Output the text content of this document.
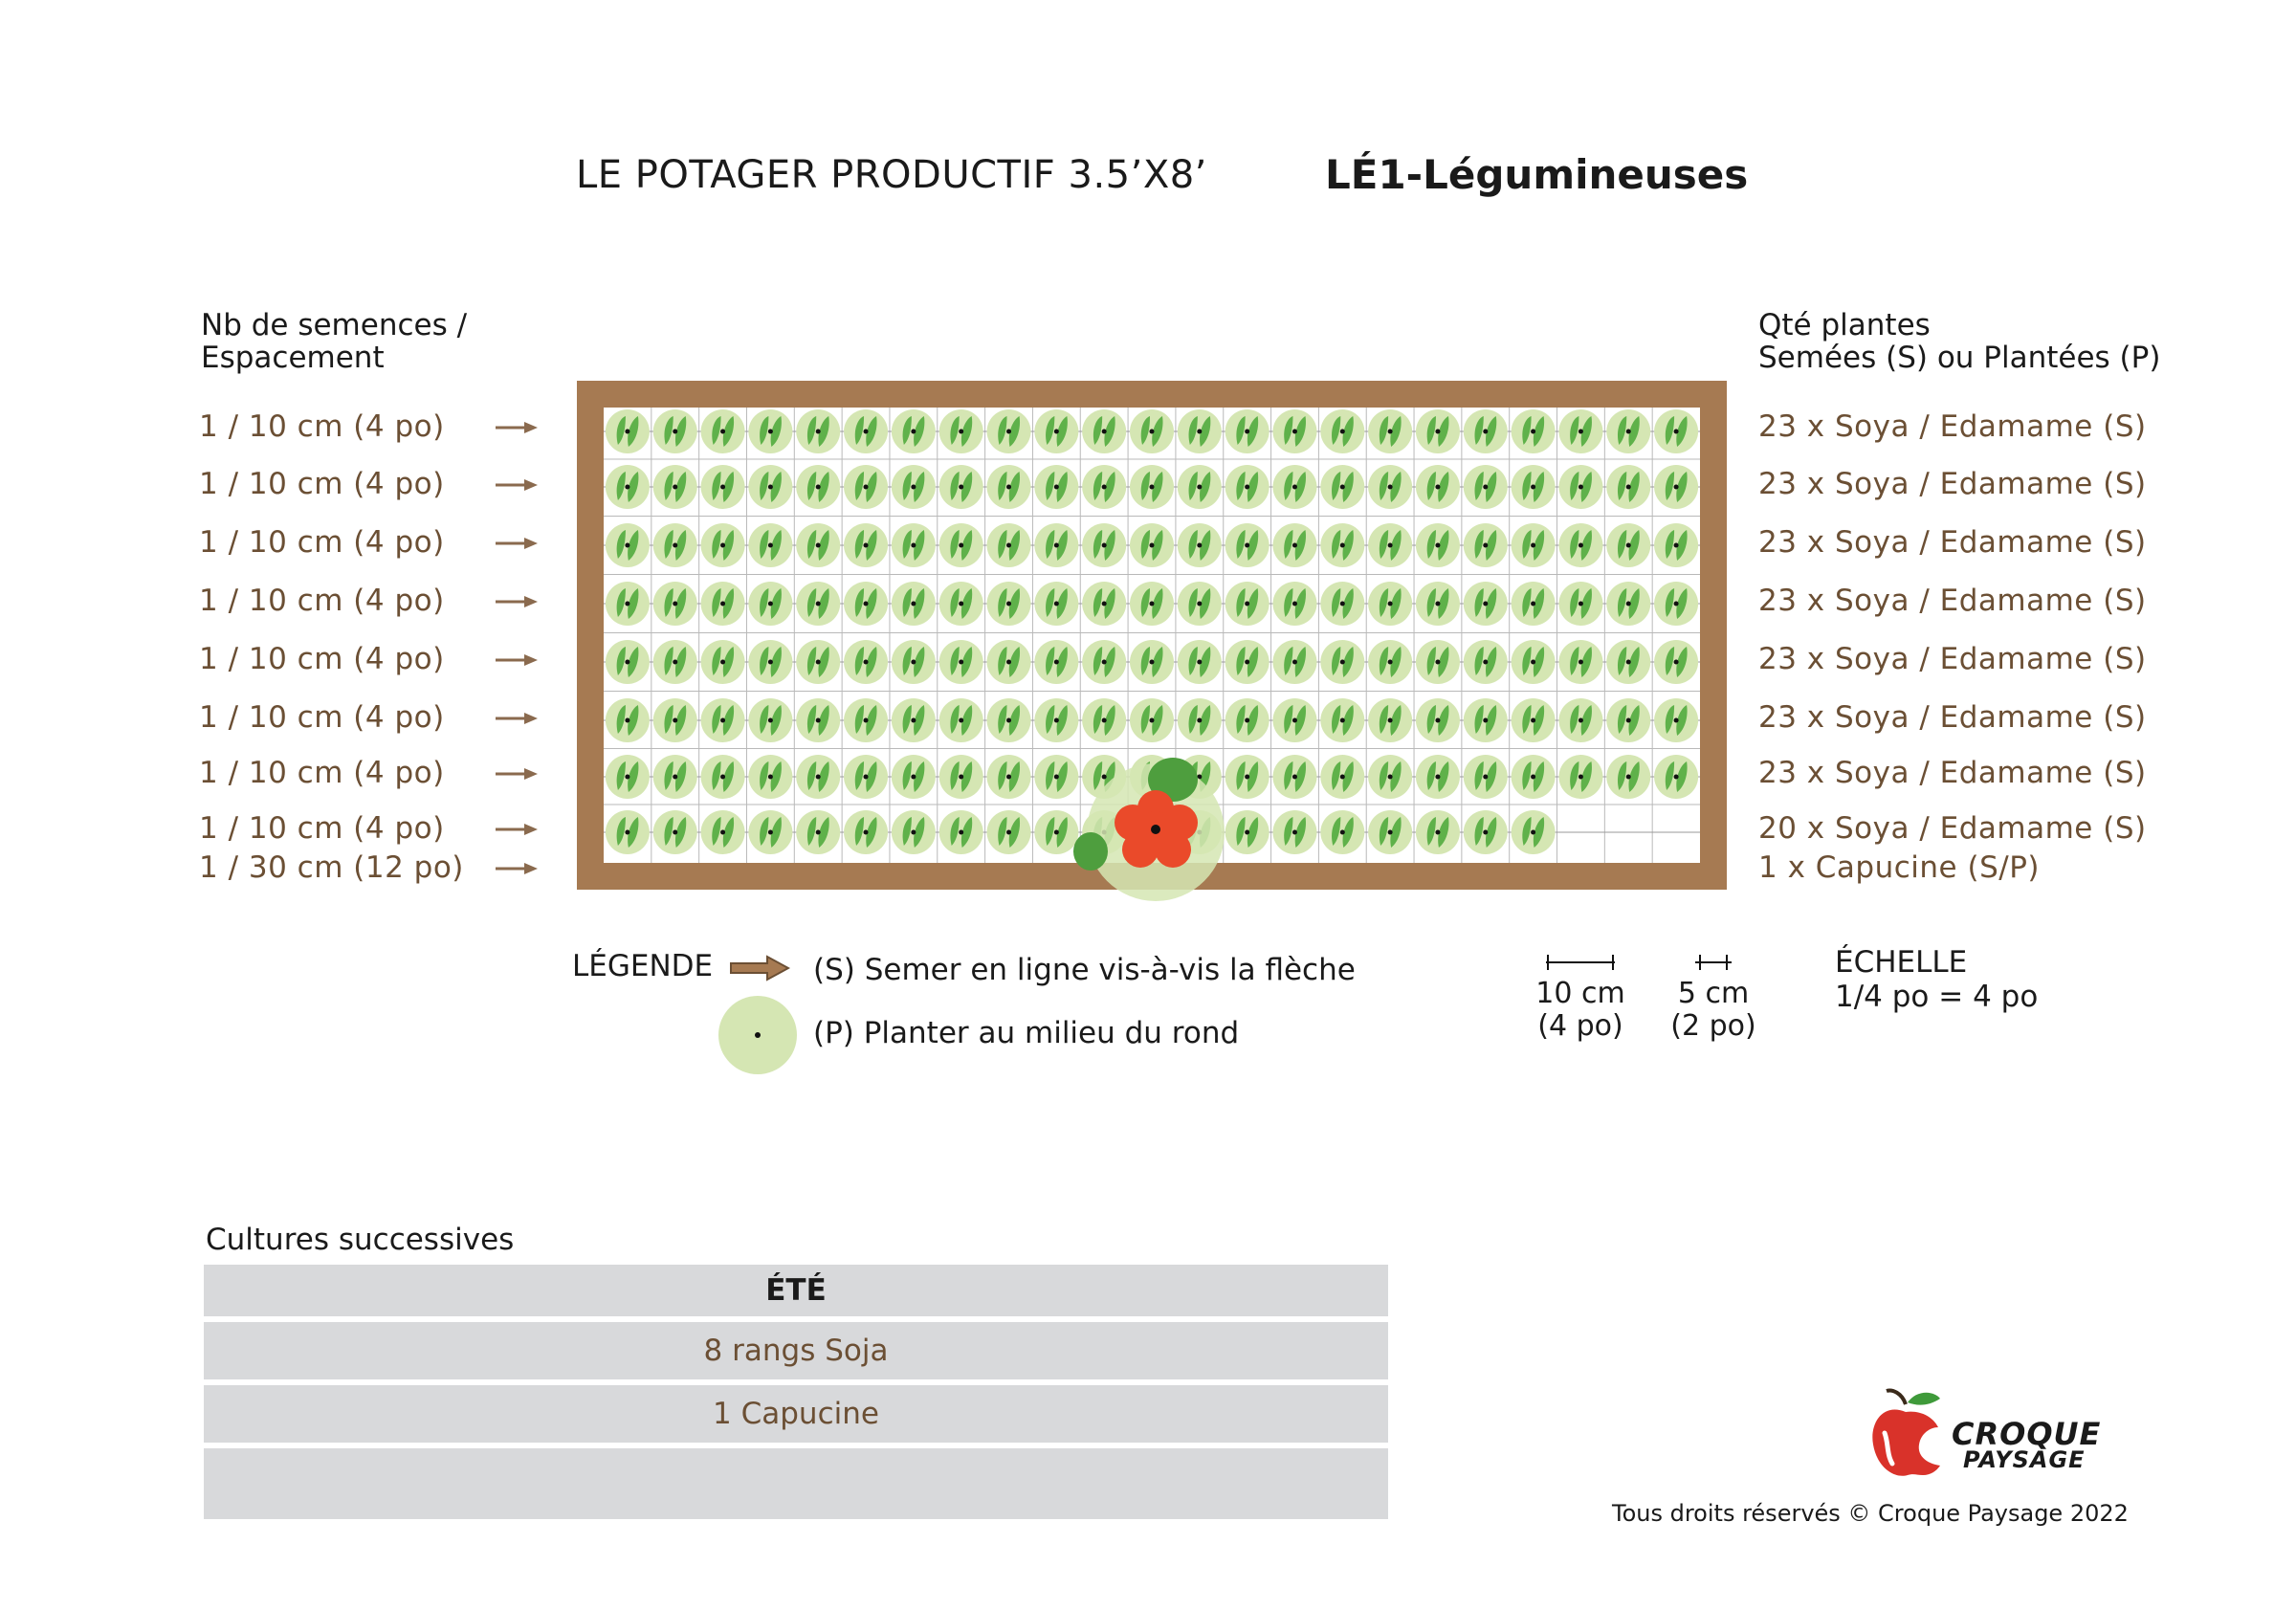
LE POTAGER PRODUCTIF 3.5’X8’	LÉ1-Légumineuses
Nb de semences /
Espacement
Qté plantes
Semées (S) ou Plantées (P)
1 / 10 cm (4 po)
1 / 10 cm (4 po)
1 / 10 cm (4 po)
1 / 10 cm (4 po)
1 / 10 cm (4 po)
1 / 10 cm (4 po)
1 / 10 cm (4 po)
1 / 10 cm (4 po)
1 / 30 cm (12 po)
23 x Soya / Edamame (S)
23 x Soya / Edamame (S)
23 x Soya / Edamame (S)
23 x Soya / Edamame (S)
23 x Soya / Edamame (S)
23 x Soya / Edamame (S)
23 x Soya / Edamame (S)
20 x Soya / Edamame (S)
1 x Capucine (S/P)
LÉGENDE	(S) Semer en ligne vis-à-vis la flèche
(P) Planter au milieu du rond
10 cm
(4 po)
5 cm
(2 po)
ÉCHELLE
1/4 po = 4 po
Cultures successives
ÉTÉ
8 rangs Soja
1 Capucine
CROQUE
PAYSAGE
Tous droits réservés © Croque Paysage 2022
